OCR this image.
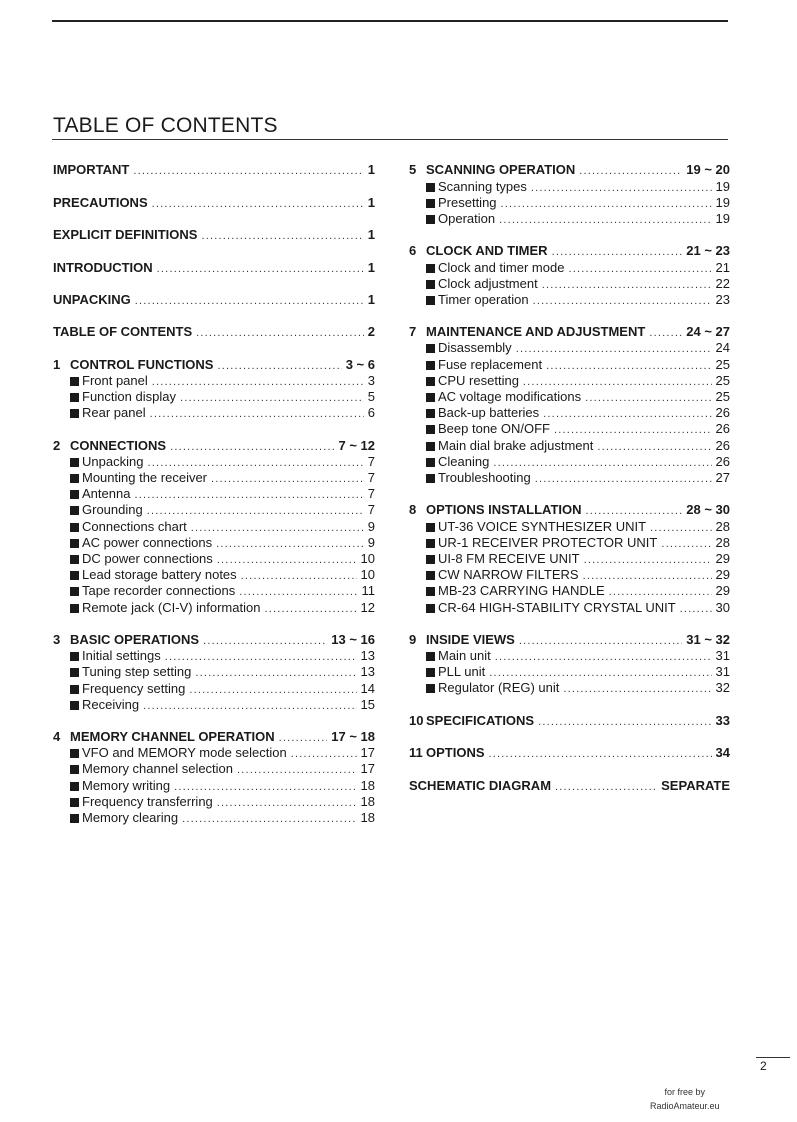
TABLE OF CONTENTS
IMPORTANT .....	1
PRECAUTIONS .....	1
EXPLICIT DEFINITIONS .....	1
INTRODUCTION .....	1
UNPACKING .....	1
TABLE OF CONTENTS .....	2
1 CONTROL FUNCTIONS .....	3 ~ 6
Front panel .....	3
Function display .....	5
Rear panel .....	6
2 CONNECTIONS .....	7 ~ 12
Unpacking .....	7
Mounting the receiver .....	7
Antenna .....	7
Grounding .....	7
Connections chart .....	9
AC power connections .....	9
DC power connections .....	10
Lead storage battery notes .....	10
Tape recorder connections .....	11
Remote jack (CI-V) information .....	12
3 BASIC OPERATIONS .....	13 ~ 16
Initial settings .....	13
Tuning step setting .....	13
Frequency setting .....	14
Receiving .....	15
4 MEMORY CHANNEL OPERATION .....	17 ~ 18
VFO and MEMORY mode selection .....	17
Memory channel selection .....	17
Memory writing .....	18
Frequency transferring .....	18
Memory clearing .....	18
5 SCANNING OPERATION .....	19 ~ 20
Scanning types .....	19
Presetting .....	19
Operation .....	19
6 CLOCK AND TIMER .....	21 ~ 23
Clock and timer mode .....	21
Clock adjustment .....	22
Timer operation .....	23
7 MAINTENANCE AND ADJUSTMENT .....	24 ~ 27
Disassembly .....	24
Fuse replacement .....	25
CPU resetting .....	25
AC voltage modifications .....	25
Back-up batteries .....	26
Beep tone ON/OFF .....	26
Main dial brake adjustment .....	26
Cleaning .....	26
Troubleshooting .....	27
8 OPTIONS INSTALLATION .....	28 ~ 30
UT-36 VOICE SYNTHESIZER UNIT .....	28
UR-1 RECEIVER PROTECTOR UNIT .....	28
UI-8 FM RECEIVE UNIT .....	29
CW NARROW FILTERS .....	29
MB-23 CARRYING HANDLE .....	29
CR-64 HIGH-STABILITY CRYSTAL UNIT .....	30
9 INSIDE VIEWS .....	31 ~ 32
Main unit .....	31
PLL unit .....	31
Regulator (REG) unit .....	32
10 SPECIFICATIONS .....	33
11 OPTIONS .....	34
SCHEMATIC DIAGRAM .....	SEPARATE
2
for free by
RadioAmateur.eu
